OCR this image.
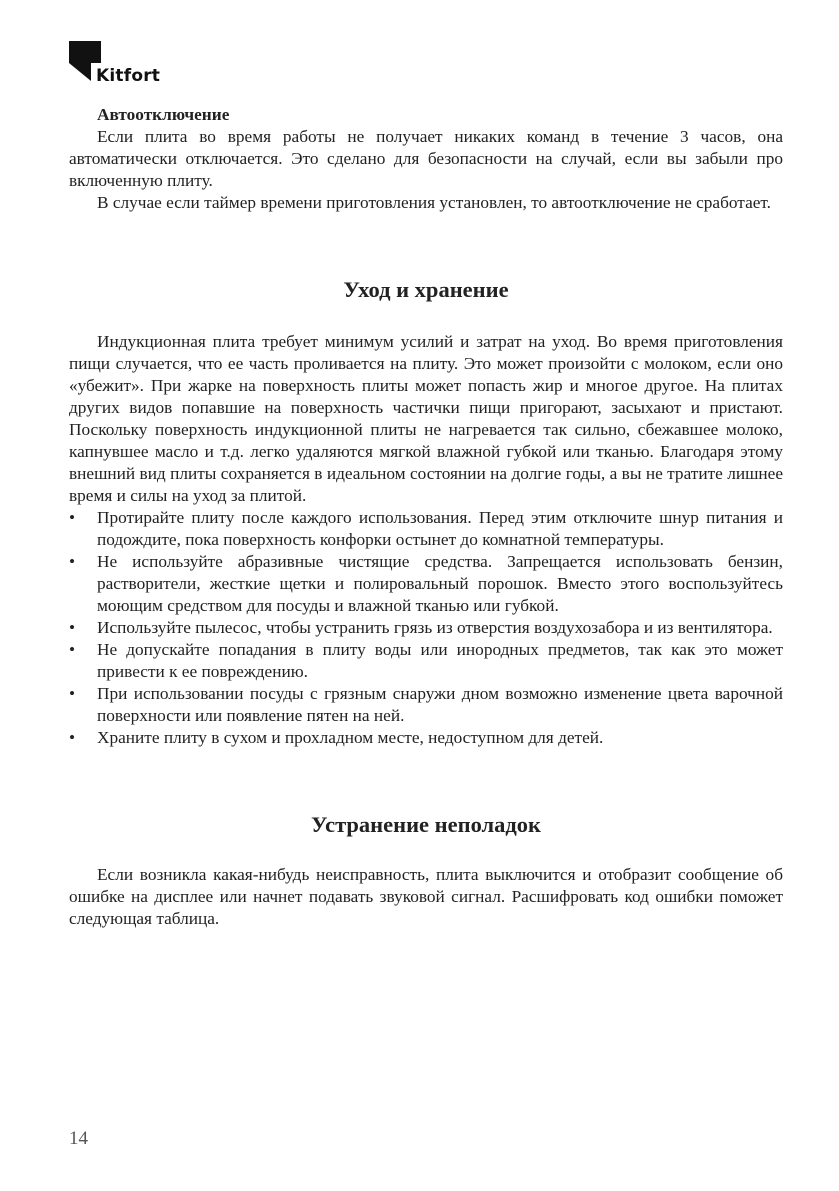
Kitfort
Автоотключение

Если плита во время работы не получает никаких команд в течение 3 часов, она автоматически отключается. Это сделано для безопасности на случай, если вы забыли про включенную плиту.

В случае если таймер времени приготовления установлен, то автоотключение не сработает.

Уход и хранение

Индукционная плита требует минимум усилий и затрат на уход. Во время приготовления пищи случается, что ее часть проливается на плиту. Это может произойти с молоком, если оно «убежит». При жарке на поверхность плиты может попасть жир и многое другое. На плитах других видов попавшие на поверхность частички пищи пригорают, засыхают и пристают. Поскольку поверхность индукционной плиты не нагревается так сильно, сбежавшее молоко, капнувшее масло и т.д. легко удаляются мягкой влажной губкой или тканью. Благодаря этому внешний вид плиты сохраняется в идеальном состоянии на долгие годы, а вы не тратите лишнее время и силы на уход за плитой.

• Протирайте плиту после каждого использования. Перед этим отключите шнур питания и подождите, пока поверхность конфорки остынет до комнатной температуры.
• Не используйте абразивные чистящие средства. Запрещается использовать бензин, растворители, жесткие щетки и полировальный порошок. Вместо этого воспользуйтесь моющим средством для посуды и влажной тканью или губкой.
• Используйте пылесос, чтобы устранить грязь из отверстия воздухозабора и из вентилятора.
• Не допускайте попадания в плиту воды или инородных предметов, так как это может привести к ее повреждению.
• При использовании посуды с грязным снаружи дном возможно изменение цвета варочной поверхности или появление пятен на ней.
• Храните плиту в сухом и прохладном месте, недоступном для детей.
Устранение неполадок

Если возникла какая-нибудь неисправность, плита выключится и отобразит сообщение об ошибке на дисплее или начнет подавать звуковой сигнал. Расшифровать код ошибки поможет следующая таблица.

14
